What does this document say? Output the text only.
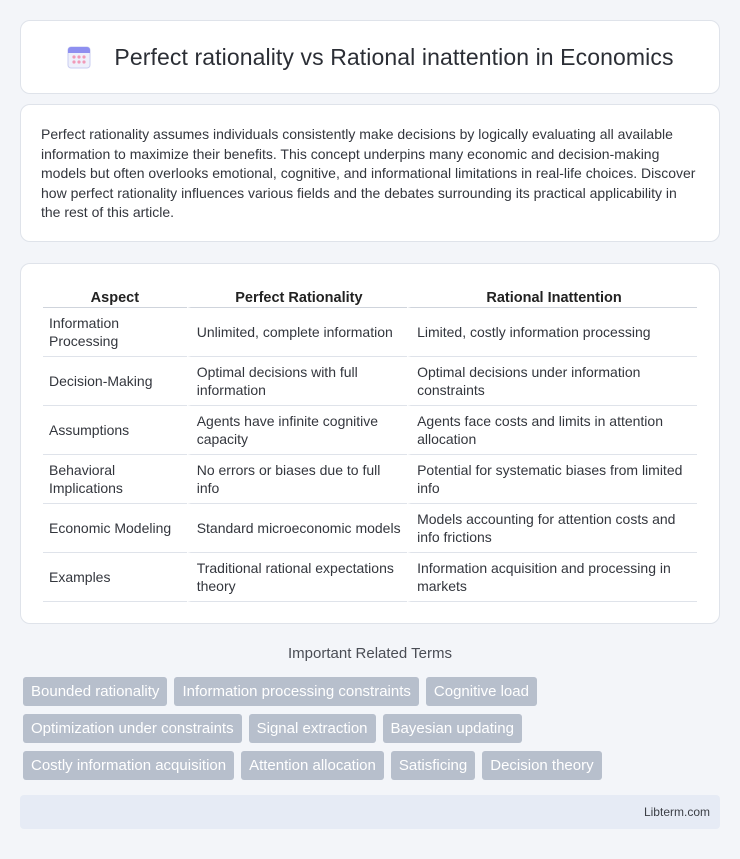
Perfect rationality vs Rational inattention in Economics

Perfect rationality assumes individuals consistently make decisions by logically evaluating all available information to maximize their benefits. This concept underpins many economic and decision-making models but often overlooks emotional, cognitive, and informational limitations in real-life choices. Discover how perfect rationality influences various fields and the debates surrounding its practical applicability in the rest of this article.

Aspect	Perfect Rationality	Rational Inattention
Information Processing	Unlimited, complete information	Limited, costly information processing
Decision-Making	Optimal decisions with full information	Optimal decisions under information constraints
Assumptions	Agents have infinite cognitive capacity	Agents face costs and limits in attention allocation
Behavioral Implications	No errors or biases due to full info	Potential for systematic biases from limited info
Economic Modeling	Standard microeconomic models	Models accounting for attention costs and info frictions
Examples	Traditional rational expectations theory	Information acquisition and processing in markets
Important Related Terms
Bounded rationality	Information processing constraints	Cognitive load
Optimization under constraints	Signal extraction	Bayesian updating
Costly information acquisition	Attention allocation	Satisficing	Decision theory
Libterm.com
